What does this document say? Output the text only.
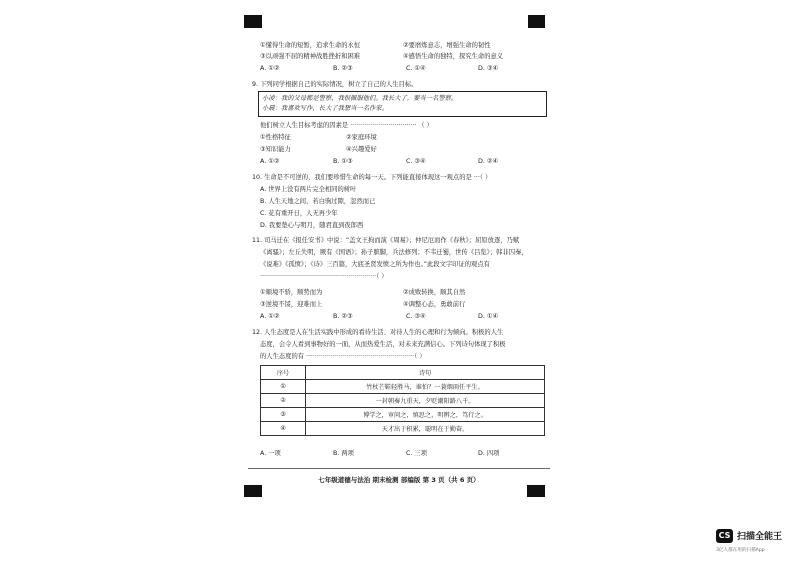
①懂得生命的短暂，追求生命的永恒	②要磨炼意志，增强生命的韧性
③以顽强不屈的精神战胜挫折和困难	④感悟生命的独特，探究生命的意义
A. ①②	B. ②③	C. ①④	D. ③④
9. 下列同学根据自己的实际情况，树立了自己的人生目标。
小凌：我的父母都是警察，我很佩服他们。我长大了，要当一名警察。
小晨：我喜欢写作，长大了我想当一名作家。
他们树立人生目标考虑的因素是 ································· （ ）
①性格特征	②家庭环境
③知识能力	④兴趣爱好
A. ①②	B. ①③	C. ③④	D. ②④
10. 生命是不可逆的，我们要珍惜生命的每一天。下列能直接体现这一观点的是 ···（ ）
A. 世界上没有两片完全相同的树叶
B. 人生天地之间，若白驹过隙，忽然而已
C. 花有重开日，人无再少年
D. 我要垫心与明月，随君直到夜郎西
11. 司马迁在《报任安书》中说：“盖文王拘而演《周易》；仲尼厄而作《春秋》；屈原放逐，乃赋
《离骚》；左丘失明，厥有《国语》；孙子膑脚，兵法修列；不韦迁蜀，世传《吕览》；韩非囚秦，
《说难》《孤愤》；《诗》三百篇，大底圣贤发愤之所为作也。”此段文字印证的观点有
··························································（ ）
①顺境不骄，顺势而为	②成败转换，顺其自然
③逆境不馁，迎难而上	④调整心态，勇敢前行
A. ①②	B. ②③	C. ③④	D. ①④
12. 人生态度是人在生活实践中形成的看待生活、对待人生的心理和行为倾向。积极的人生
态度，会令人看到事物好的一面，从而热爱生活，对未来充满信心。下列诗句体现了积极
的人生态度的有 ······················································（ ）
序号	诗句
①	竹杖芒鞋轻胜马，谁怕？一蓑烟雨任平生。
②	一封朝奏九重天，夕贬潮阳路八千。
③	博学之，审问之，慎思之，明辨之，笃行之。
④	天才出于积累，聪明在于勤奋。
A. 一项	B. 两项	C. 三项	D. 四项
七年级道德与法治 期末检测 部编版 第 3 页（共 6 页）
CS 扫描全能王
3亿人都在用的扫描App
